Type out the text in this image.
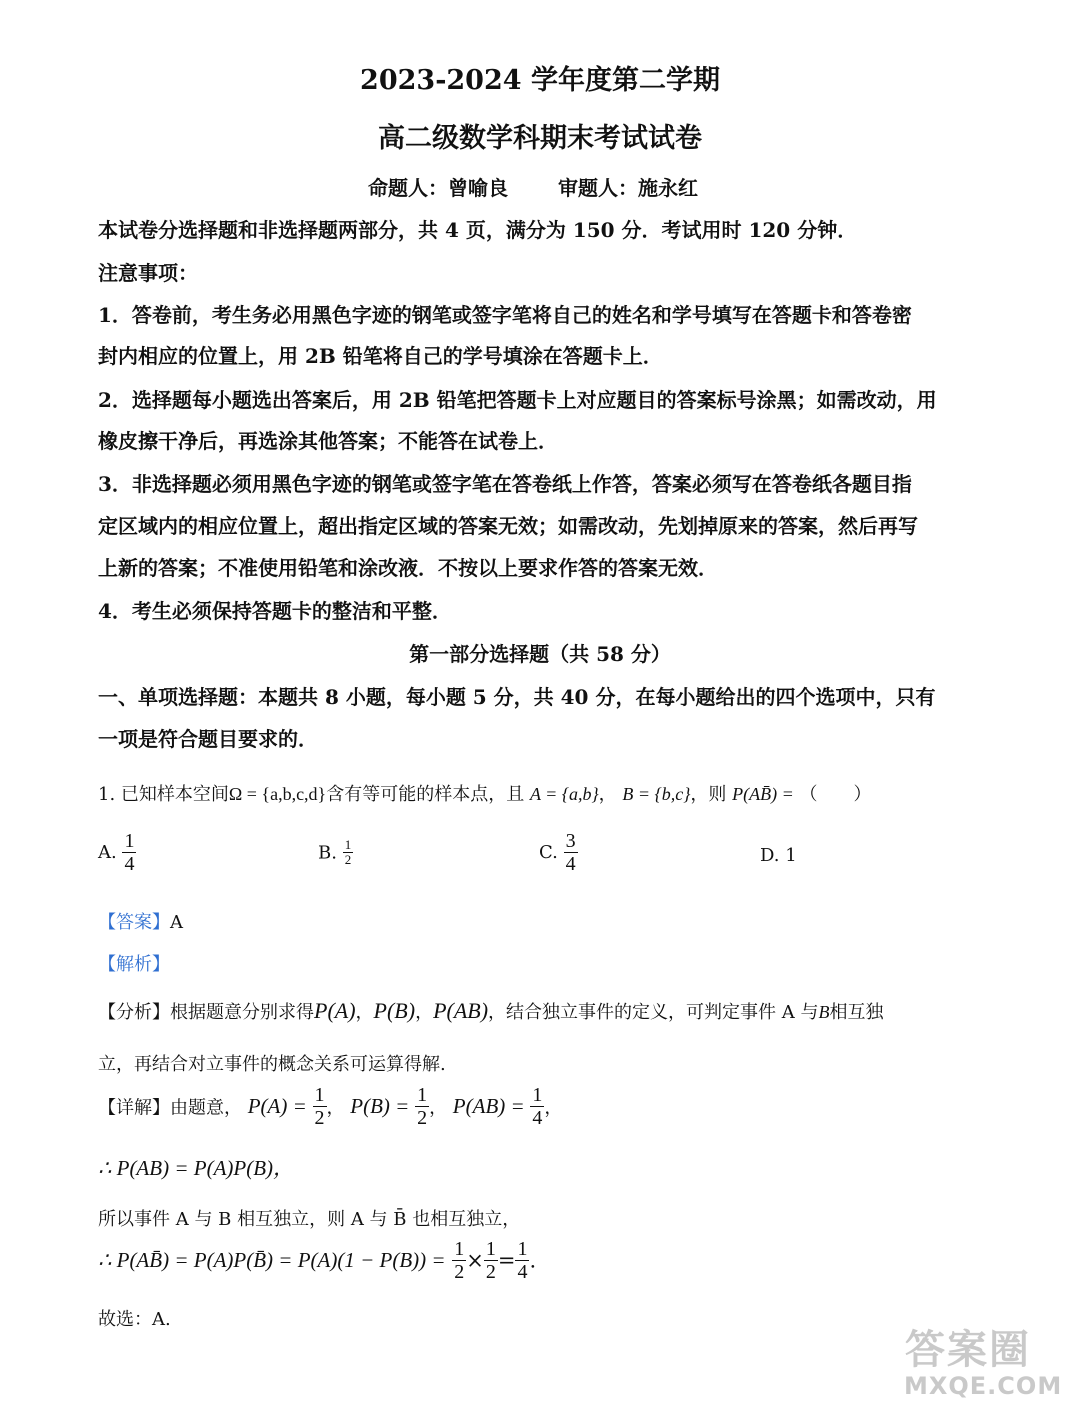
2023-2024 学年度第二学期
高二级数学科期末考试试卷
命题人：曾喻良	审题人：施永红
本试卷分选择题和非选择题两部分，共 4 页，满分为 150 分．考试用时 120 分钟．
注意事项：
1．答卷前，考生务必用黑色字迹的钢笔或签字笔将自己的姓名和学号填写在答题卡和答卷密
封内相应的位置上，用 2B 铅笔将自己的学号填涂在答题卡上．
2．选择题每小题选出答案后，用 2B 铅笔把答题卡上对应题目的答案标号涂黑；如需改动，用
橡皮擦干净后，再选涂其他答案；不能答在试卷上．
3．非选择题必须用黑色字迹的钢笔或签字笔在答卷纸上作答，答案必须写在答卷纸各题目指
定区域内的相应位置上，超出指定区域的答案无效；如需改动，先划掉原来的答案，然后再写
上新的答案；不准使用铅笔和涂改液．不按以上要求作答的答案无效．
4．考生必须保持答题卡的整洁和平整．
第一部分选择题（共 58 分）
一、单项选择题：本题共 8 小题，每小题 5 分，共 40 分，在每小题给出的四个选项中，只有
一项是符合题目要求的．
1. 已知样本空间Ω = {a,b,c,d}含有等可能的样本点，且 A = {a,b}， B = {b,c}，则 P(AB̄) = （　　）
A. $\frac{1}{4}$	B. $\frac{1}{2}$	C. $\frac{3}{4}$	D. 1
【答案】A
【解析】
【分析】根据题意分别求得P(A)，P(B)，P(AB)，结合独立事件的定义，可判定事件 A 与B相互独
立，再结合对立事件的概念关系可运算得解.
【详解】由题意， $P(A) = \frac{1}{2}$ ， $P(B) = \frac{1}{2}$ ， $P(AB) = \frac{1}{4}$ ，
∴ P(AB) = P(A)P(B)，
所以事件 A 与 B 相互独立，则 A 与 B̄ 也相互独立，
∴ P(AB̄) = P(A)P(B̄) = $P(A)(1 - P(B)) = \frac{1}{2} \times \frac{1}{2} = \frac{1}{4}$ .
故选：A.
答案圈
MXQE.COM
